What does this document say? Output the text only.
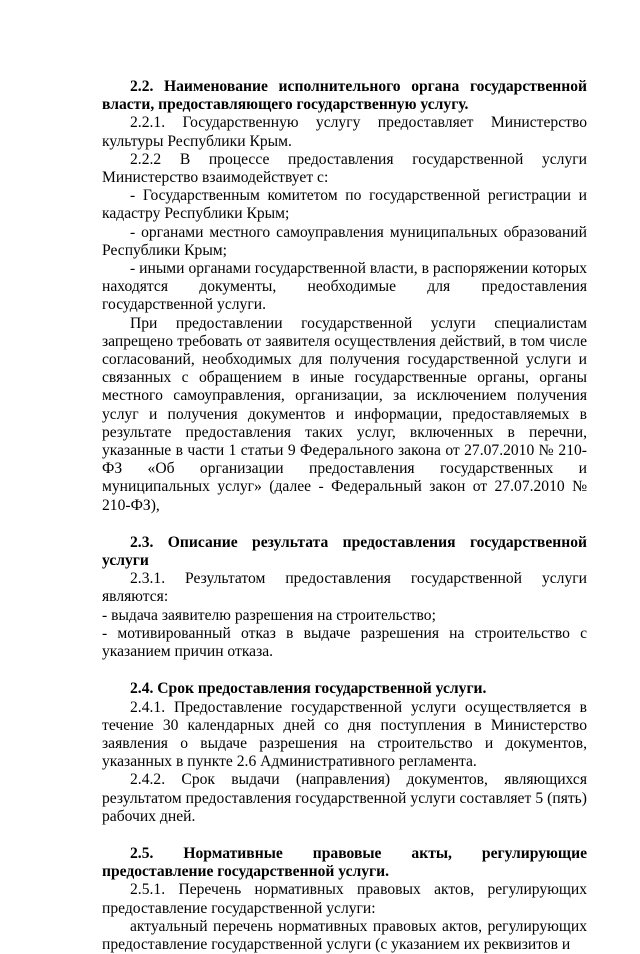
2.2. Наименование исполнительного органа государственной власти, предоставляющего государственную услугу.

2.2.1. Государственную услугу предоставляет Министерство культуры Республики Крым.

2.2.2 В процессе предоставления государственной услуги Министерство взаимодействует с:

- Государственным комитетом по государственной регистрации и кадастру Республики Крым;

- органами местного самоуправления муниципальных образований Республики Крым;

- иными органами государственной власти, в распоряжении которых находятся документы, необходимые для предоставления государственной услуги.

При предоставлении государственной услуги специалистам запрещено требовать от заявителя осуществления действий, в том числе согласований, необходимых для получения государственной услуги и связанных с обращением в иные государственные органы, органы местного самоуправления, организации, за исключением получения услуг и получения документов и информации, предоставляемых в результате предоставления таких услуг, включенных в перечни, указанные в части 1 статьи 9 Федерального закона от 27.07.2010 № 210-ФЗ «Об организации предоставления государственных и муниципальных услуг» (далее - Федеральный закон от 27.07.2010 № 210-ФЗ),

2.3. Описание результата предоставления государственной услуги

2.3.1. Результатом предоставления государственной услуги являются:

- выдача заявителю разрешения на строительство;

- мотивированный отказ в выдаче разрешения на строительство с указанием причин отказа.

2.4. Срок предоставления государственной услуги.

2.4.1. Предоставление государственной услуги осуществляется в течение 30 календарных дней со дня поступления в Министерство заявления о выдаче разрешения на строительство и документов, указанных в пункте 2.6 Административного регламента.

2.4.2. Срок выдачи (направления) документов, являющихся результатом предоставления государственной услуги составляет 5 (пять) рабочих дней.

2.5. Нормативные правовые акты, регулирующие предоставление государственной услуги.

2.5.1. Перечень нормативных правовых актов, регулирующих предоставление государственной услуги:

актуальный перечень нормативных правовых актов, регулирующих предоставление государственной услуги (с указанием их реквизитов и
